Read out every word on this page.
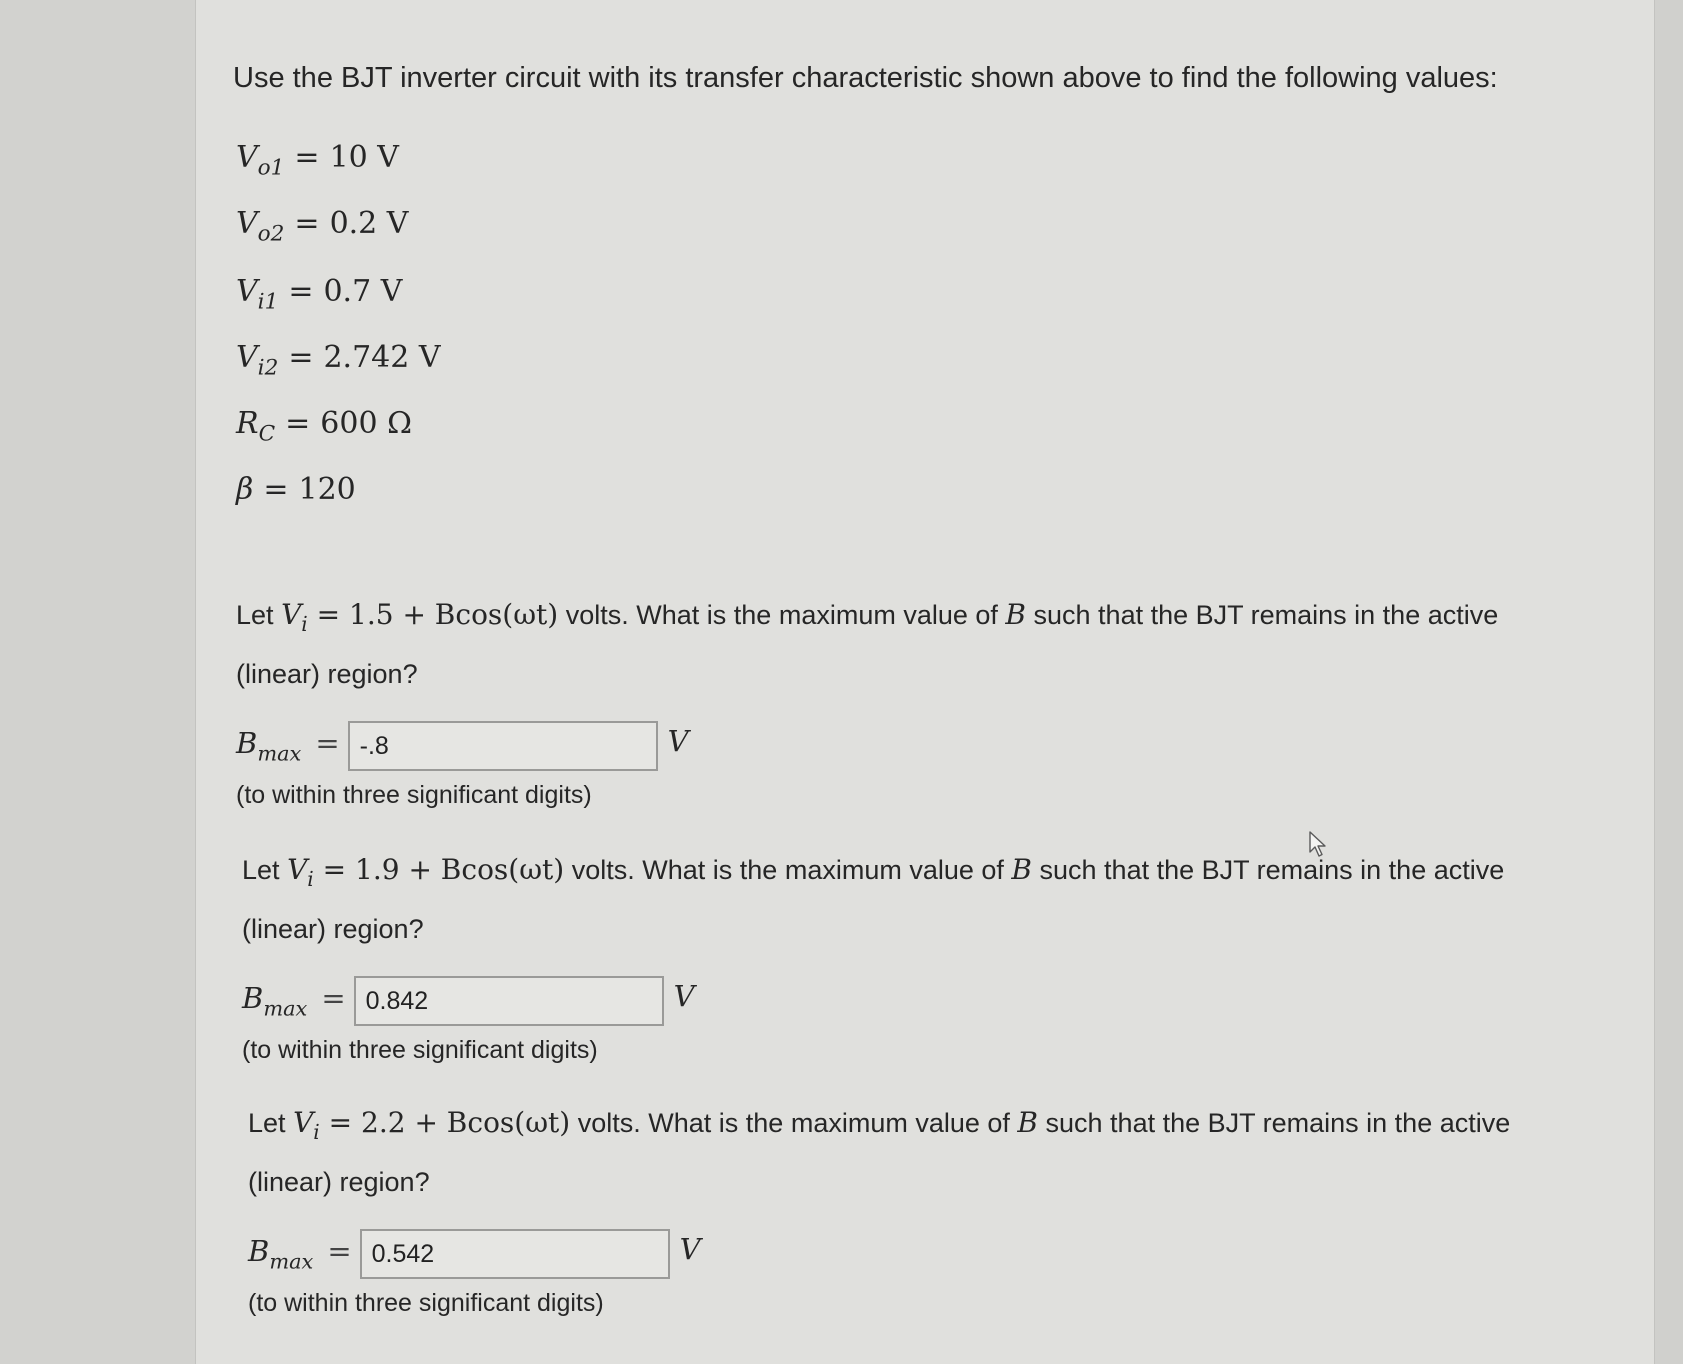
Use the BJT inverter circuit with its transfer characteristic shown above to find the following values:

$V_{o1} = 10$ V
$V_{o2} = 0.2$ V
$V_{i1} = 0.7$ V
$V_{i2} = 2.742$ V
$R_C = 600$ Ω
β = 120

Let $V_i = 1.5 + Bcos(\omega t)$ volts. What is the maximum value of B such that the BJT remains in the active (linear) region?

$B_{max}$ =
-.8	V
(to within three significant digits)

Let $V_i = 1.9 + Bcos(\omega t)$ volts. What is the maximum value of B such that the BJT remains in the active (linear) region?

$B_{max}$ =
0.842	V
(to within three significant digits)

Let $V_i = 2.2 + Bcos(\omega t)$ volts. What is the maximum value of B such that the BJT remains in the active (linear) region?

$B_{max}$ =
0.542	V
(to within three significant digits)
